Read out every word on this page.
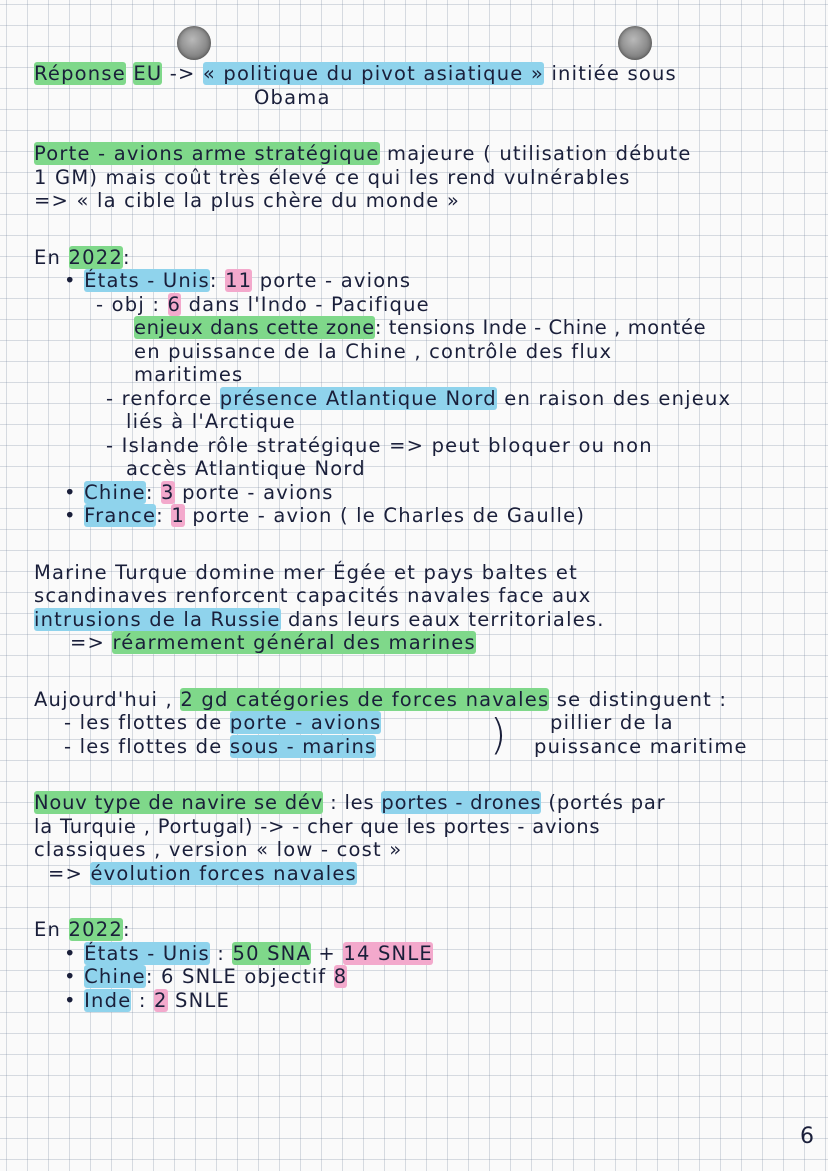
Réponse EU -> « politique du pivot asiatique » initiée sous
Obama
Porte - avions arme stratégique majeure ( utilisation débute
1 GM) mais coût très élevé ce qui les rend vulnérables
=> « la cible la plus chère du monde »
En 2022:
• États - Unis: 11 porte - avions
- obj : 6 dans l'Indo - Pacifique
enjeux dans cette zone: tensions Inde - Chine , montée
en puissance de la Chine , contrôle des flux
maritimes
- renforce présence Atlantique Nord en raison des enjeux
liés à l'Arctique
- Islande rôle stratégique => peut bloquer ou non
accès Atlantique Nord
• Chine: 3 porte - avions
• France: 1 porte - avion ( le Charles de Gaulle)
Marine Turque domine mer Égée et pays baltes et
scandinaves renforcent capacités navales face aux
intrusions de la Russie dans leurs eaux territoriales.
=> réarmement général des marines
Aujourd'hui , 2 gd catégories de forces navales se distinguent :
- les flottes de porte - avions
- les flottes de sous - marins	)	pillier de la
puissance maritime
Nouv type de navire se dév : les portes - drones (portés par
la Turquie , Portugal) -> - cher que les portes - avions
classiques , version « low - cost »
=> évolution forces navales
En 2022:
• États - Unis : 50 SNA + 14 SNLE
• Chine: 6 SNLE objectif 8
• Inde : 2 SNLE
6
